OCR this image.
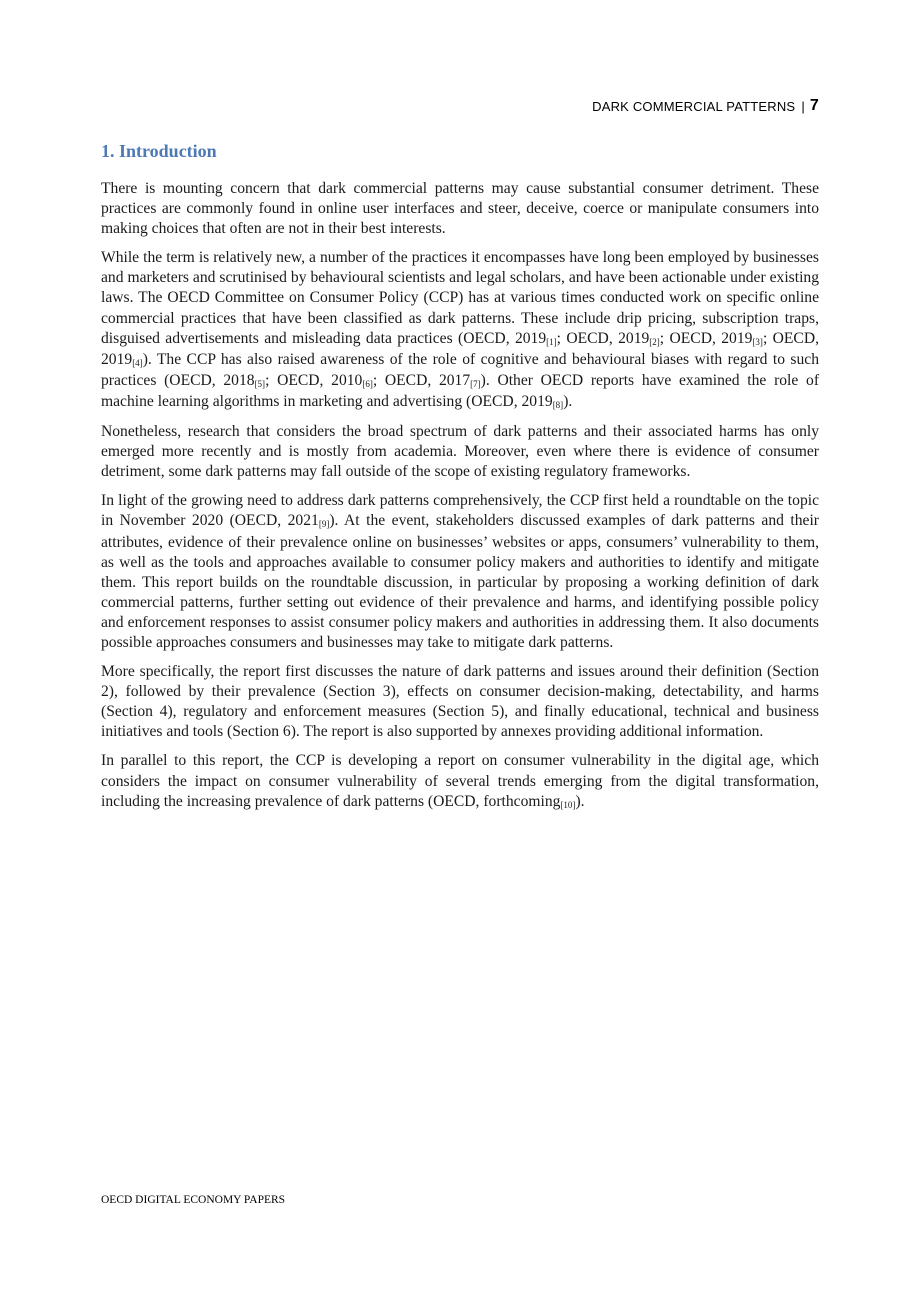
DARK COMMERCIAL PATTERNS | 7
1. Introduction

There is mounting concern that dark commercial patterns may cause substantial consumer detriment. These practices are commonly found in online user interfaces and steer, deceive, coerce or manipulate consumers into making choices that often are not in their best interests.

While the term is relatively new, a number of the practices it encompasses have long been employed by businesses and marketers and scrutinised by behavioural scientists and legal scholars, and have been actionable under existing laws. The OECD Committee on Consumer Policy (CCP) has at various times conducted work on specific online commercial practices that have been classified as dark patterns. These include drip pricing, subscription traps, disguised advertisements and misleading data practices (OECD, $2019_{[1]}$; OECD, $2019_{[2]}$; OECD, $2019_{[3]}$; OECD, $2019_{[4]}$). The CCP has also raised awareness of the role of cognitive and behavioural biases with regard to such practices (OECD, $2018_{[5]}$; OECD, $2010_{[6]}$; OECD, $2017_{[7]}$). Other OECD reports have examined the role of machine learning algorithms in marketing and advertising (OECD, $2019_{[8]}$).

Nonetheless, research that considers the broad spectrum of dark patterns and their associated harms has only emerged more recently and is mostly from academia. Moreover, even where there is evidence of consumer detriment, some dark patterns may fall outside of the scope of existing regulatory frameworks.

In light of the growing need to address dark patterns comprehensively, the CCP first held a roundtable on the topic in November 2020 (OECD, $2021_{[9]}$). At the event, stakeholders discussed examples of dark patterns and their attributes, evidence of their prevalence online on businesses’ websites or apps, consumers’ vulnerability to them, as well as the tools and approaches available to consumer policy makers and authorities to identify and mitigate them. This report builds on the roundtable discussion, in particular by proposing a working definition of dark commercial patterns, further setting out evidence of their prevalence and harms, and identifying possible policy and enforcement responses to assist consumer policy makers and authorities in addressing them. It also documents possible approaches consumers and businesses may take to mitigate dark patterns.

More specifically, the report first discusses the nature of dark patterns and issues around their definition (Section 2), followed by their prevalence (Section 3), effects on consumer decision-making, detectability, and harms (Section 4), regulatory and enforcement measures (Section 5), and finally educational, technical and business initiatives and tools (Section 6). The report is also supported by annexes providing additional information.

In parallel to this report, the CCP is developing a report on consumer vulnerability in the digital age, which considers the impact on consumer vulnerability of several trends emerging from the digital transformation, including the increasing prevalence of dark patterns (OECD, forthcoming$_{[10]}$).

OECD DIGITAL ECONOMY PAPERS
